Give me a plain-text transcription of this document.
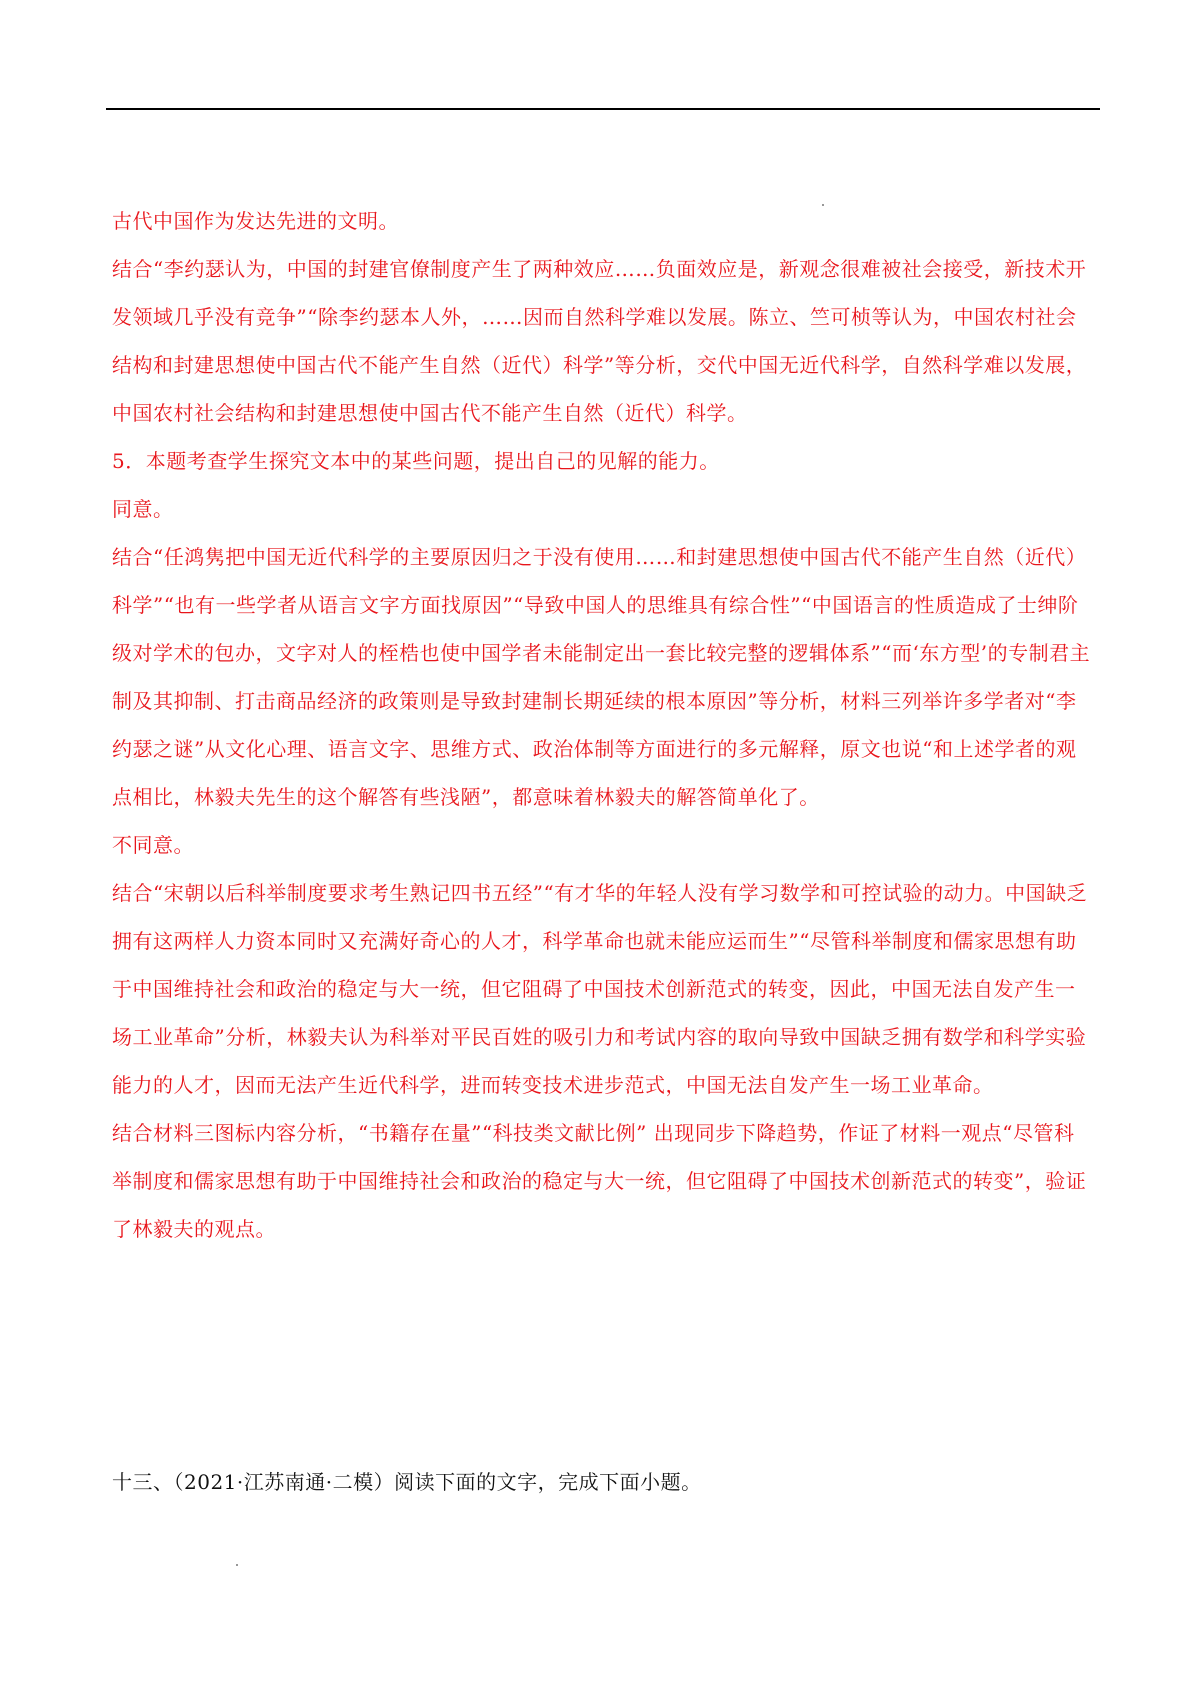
古代中国作为发达先进的文明。

结合“李约瑟认为，中国的封建官僚制度产生了两种效应……负面效应是，新观念很难被社会接受，新技术开发领域几乎没有竞争”“除李约瑟本人外，……因而自然科学难以发展。陈立、竺可桢等认为，中国农村社会结构和封建思想使中国古代不能产生自然（近代）科学”等分析，交代中国无近代科学，自然科学难以发展，中国农村社会结构和封建思想使中国古代不能产生自然（近代）科学。

5．本题考查学生探究文本中的某些问题，提出自己的见解的能力。

同意。

结合“任鸿隽把中国无近代科学的主要原因归之于没有使用……和封建思想使中国古代不能产生自然（近代）科学”“也有一些学者从语言文字方面找原因”“导致中国人的思维具有综合性”“中国语言的性质造成了士绅阶级对学术的包办，文字对人的桎梏也使中国学者未能制定出一套比较完整的逻辑体系”“而‘东方型’的专制君主制及其抑制、打击商品经济的政策则是导致封建制长期延续的根本原因”等分析，材料三列举许多学者对“李约瑟之谜”从文化心理、语言文字、思维方式、政治体制等方面进行的多元解释，原文也说“和上述学者的观点相比，林毅夫先生的这个解答有些浅陋”，都意味着林毅夫的解答简单化了。

不同意。

结合“宋朝以后科举制度要求考生熟记四书五经”“有才华的年轻人没有学习数学和可控试验的动力。中国缺乏拥有这两样人力资本同时又充满好奇心的人才，科学革命也就未能应运而生”“尽管科举制度和儒家思想有助于中国维持社会和政治的稳定与大一统，但它阻碍了中国技术创新范式的转变，因此，中国无法自发产生一场工业革命”分析，林毅夫认为科举对平民百姓的吸引力和考试内容的取向导致中国缺乏拥有数学和科学实验能力的人才，因而无法产生近代科学，进而转变技术进步范式，中国无法自发产生一场工业革命。

结合材料三图标内容分析，“书籍存在量”“科技类文献比例” 出现同步下降趋势，作证了材料一观点“尽管科举制度和儒家思想有助于中国维持社会和政治的稳定与大一统，但它阻碍了中国技术创新范式的转变”，验证了林毅夫的观点。

十三、（2021·江苏南通·二模）阅读下面的文字，完成下面小题。
